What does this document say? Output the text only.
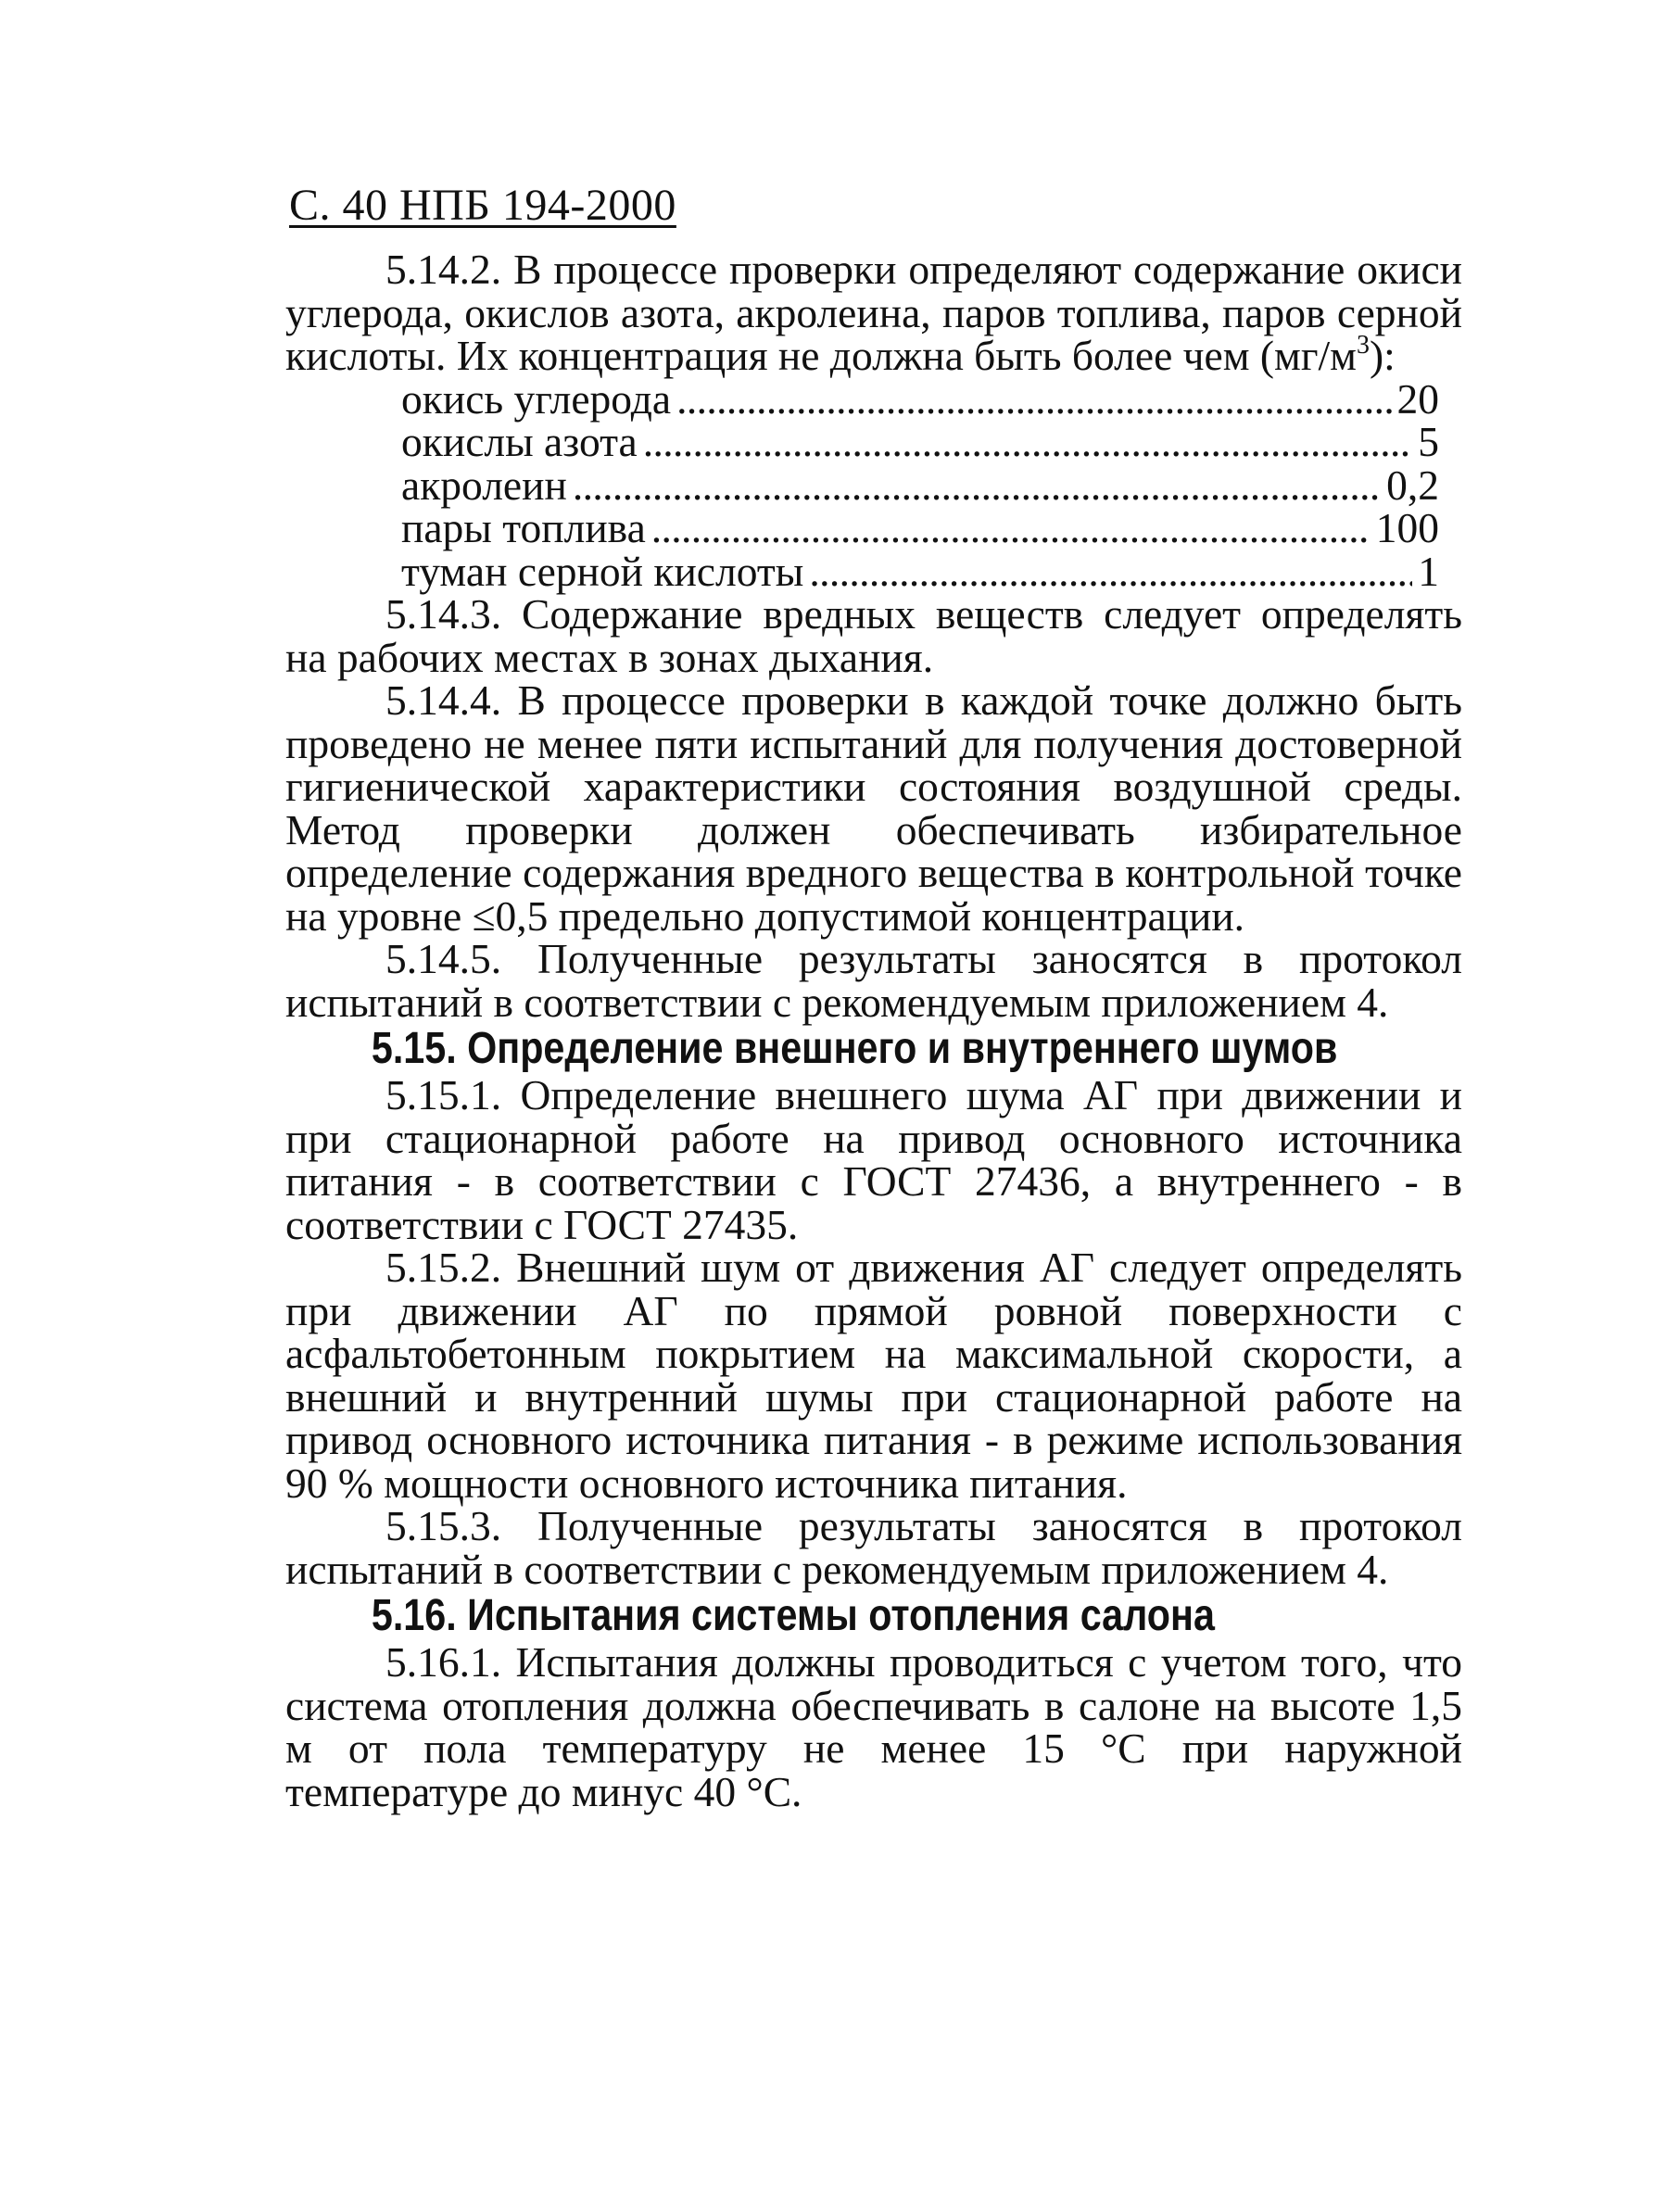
С. 40 НПБ 194-2000

5.14.2. В процессе проверки определяют содержание окиси углерода, окислов азота, акролеина, паров топлива, паров серной кислоты. Их концентрация не должна быть более чем $(мг/м^3)$:

окись углерода . . .	20
окислы азота . . .	5
акролеин . . .	0,2
пары топлива . . .	100
туман серной кислоты . . .	1

5.14.3. Содержание вредных веществ следует определять на рабочих местах в зонах дыхания.

5.14.4. В процессе проверки в каждой точке должно быть проведено не менее пяти испытаний для получения достоверной гигиенической характеристики состояния воздушной среды. Метод проверки должен обеспечивать избирательное определение содержания вредного вещества в контрольной точке на уровне ≤0,5 предельно допустимой концентрации.

5.14.5. Полученные результаты заносятся в протокол испытаний в соответствии с рекомендуемым приложением 4.

5.15. Определение внешнего и внутреннего шумов

5.15.1. Определение внешнего шума АГ при движении и при стационарной работе на привод основного источника питания - в соответствии с ГОСТ 27436, а внутреннего - в соответствии с ГОСТ 27435.

5.15.2. Внешний шум от движения АГ следует определять при движении АГ по прямой ровной поверхности с асфальтобетонным покрытием на максимальной скорости, а внешний и внутренний шумы при стационарной работе на привод основного источника питания - в режиме использования 90 % мощности основного источника питания.

5.15.3. Полученные результаты заносятся в протокол испытаний в соответствии с рекомендуемым приложением 4.

5.16. Испытания системы отопления салона

5.16.1. Испытания должны проводиться с учетом того, что система отопления должна обеспечивать в салоне на высоте 1,5 м от пола температуру не менее 15 °С при наружной температуре до минус 40 °С.
